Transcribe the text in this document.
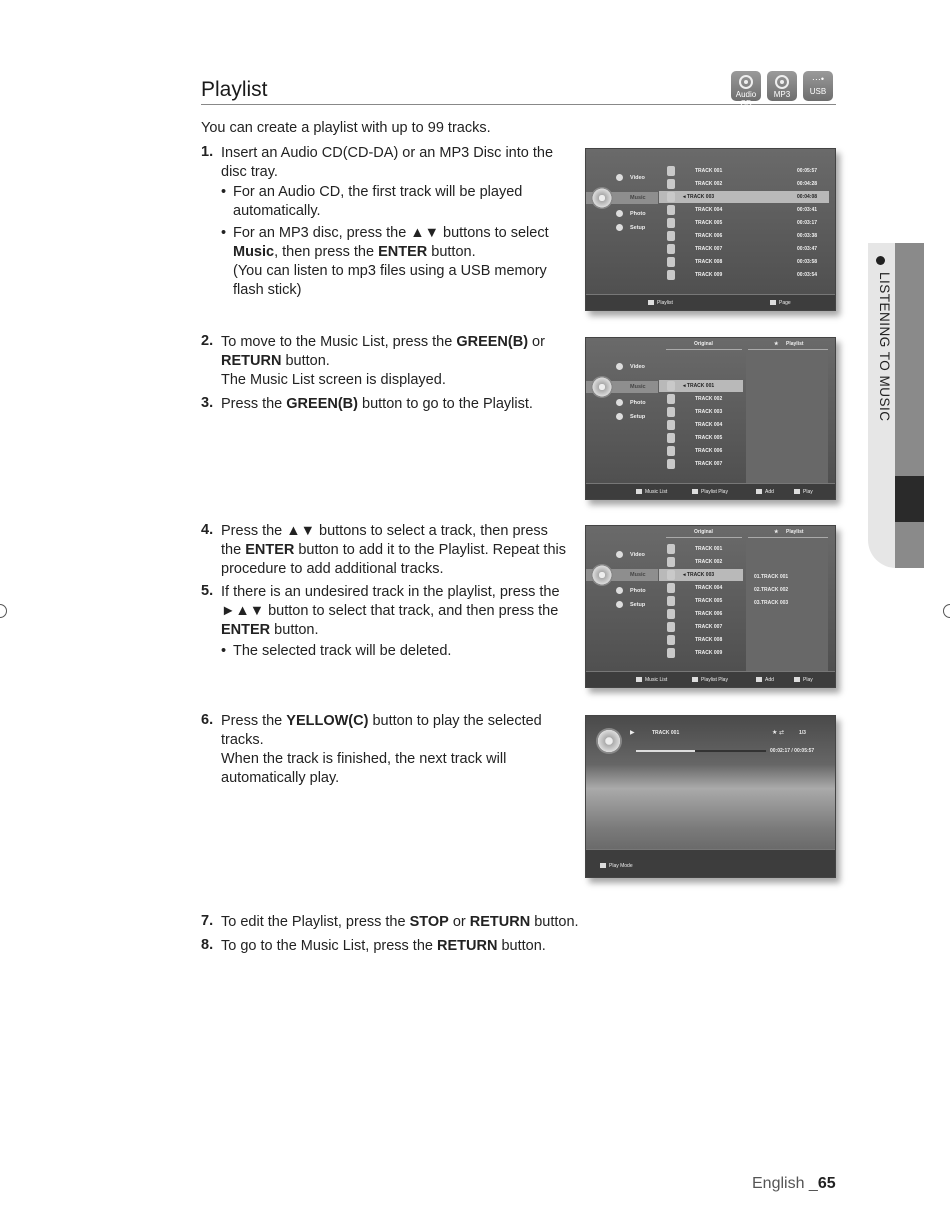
Playlist	Audio CD
MP3
⋯•
USB
LISTENING TO MUSIC
You can create a playlist with up to 99 tracks.
1. Insert an Audio CD(CD-DA) or an MP3 Disc into the disc tray.
• For an Audio CD, the first track will be played automatically.
• For an MP3 disc, press the ▲▼ buttons to select Music, then press the ENTER button.
(You can listen to mp3 files using a USB memory flash stick)
2. To move to the Music List, press the GREEN(B) or RETURN button.
The Music List screen is displayed.
3. Press the GREEN(B) button to go to the Playlist.
4. Press the ▲▼ buttons to select a track, then press the ENTER button to add it to the Playlist. Repeat this procedure to add additional tracks.
5. If there is an undesired track in the playlist, press the ►▲▼ button to select that track, and then press the ENTER button.
• The selected track will be deleted.
6. Press the YELLOW(C) button to play the selected tracks.
When the track is finished, the next track will automatically play.
7. To edit the Playlist, press the STOP or RETURN button.
8. To go to the Music List, press the RETURN button.
Video
Music
Photo
Setup
TRACK 001	00:05:57
TRACK 002	00:04:28
◂ TRACK 003	00:04:08
TRACK 004	00:03:41
TRACK 005	00:03:17
TRACK 006	00:03:38
TRACK 007	00:03:47
TRACK 008	00:03:58
TRACK 009	00:03:54
Playlist	Page
Original	★ Playlist
Video
Music
Photo
Setup
◂ TRACK 001
TRACK 002
TRACK 003
TRACK 004
TRACK 005
TRACK 006
TRACK 007
Music List	Playlist Play	Add	Play
Original	★ Playlist
Video
Music
Photo
Setup
TRACK 001
TRACK 002
◂ TRACK 003
TRACK 004
TRACK 005
TRACK 006
TRACK 007
TRACK 008
TRACK 009
01.TRACK 001
02.TRACK 002
03.TRACK 003
Music List	Playlist Play	Add	Play
▶	TRACK 001	★ ⇄	1/3
00:02:17 / 00:05:57
Play Mode
English _65
